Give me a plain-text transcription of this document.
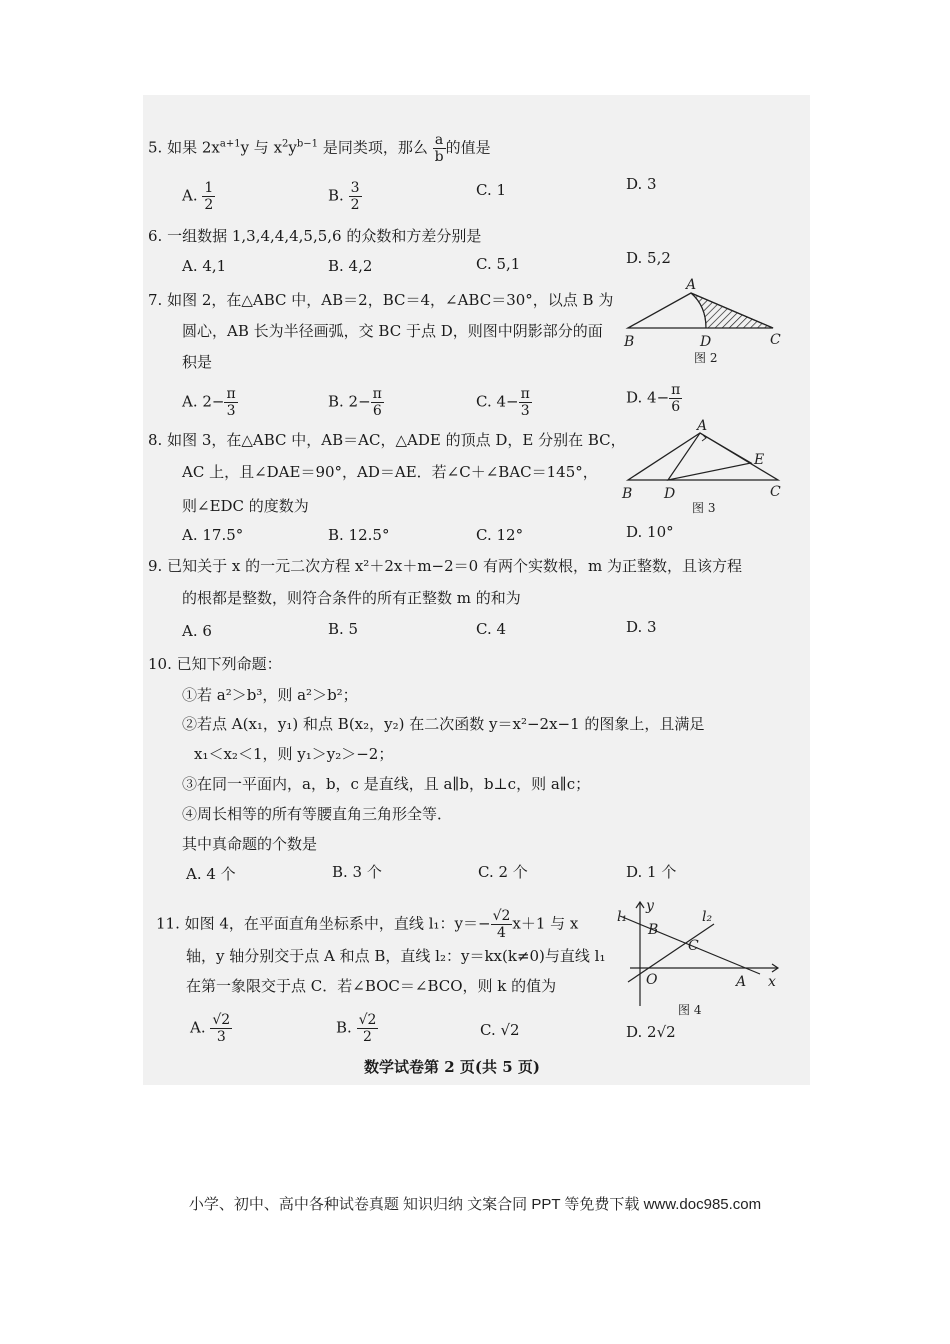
5. 如果 $2x^{a+1}y$ 与 $x^2y^{b-1}$ 是同类项，那么 $\frac{a}{b}$ 的值是
A. $\frac{1}{2}$	B. $\frac{3}{2}$	C. 1	D. 3
6. 一组数据 1,3,4,4,4,5,5,6 的众数和方差分别是
A. 4,1	B. 4,2	C. 5,1	D. 5,2
7. 如图 2，在△ABC 中，AB＝2，BC＝4，∠ABC＝30°，以点 B 为
圆心，AB 长为半径画弧，交 BC 于点 D，则图中阴影部分的面
积是
A. $2- \frac{\pi}{3}$	B. $2- \frac{\pi}{6}$	C. $4- \frac{\pi}{3}$	D. $4- \frac{\pi}{6}$
A
B	D	C
图 2
8. 如图 3，在△ABC 中，AB＝AC，△ADE 的顶点 D，E 分别在 BC，
AC 上，且∠DAE＝90°，AD＝AE．若∠C＋∠BAC＝145°，
则∠EDC 的度数为
A. 17.5°	B. 12.5°	C. 12°	D. 10°
A
B D
E
C
图 3
9. 已知关于 x 的一元二次方程 x²＋2x＋m−2＝0 有两个实数根，m 为正整数，且该方程
的根都是整数，则符合条件的所有正整数 m 的和为
A. 6	B. 5	C. 4	D. 3
10. 已知下列命题：
①若 a²＞b³，则 a²＞b²；
②若点 A(x₁，y₁) 和点 B(x₂，y₂) 在二次函数 y＝x²−2x−1 的图象上，且满足
x₁＜x₂＜1，则 y₁＞y₂＞−2；
③在同一平面内，a，b，c 是直线，且 a∥b，b⊥c，则 a∥c；
④周长相等的所有等腰直角三角形全等．
其中真命题的个数是
A. 4 个	B. 3 个	C. 2 个	D. 1 个
11. 如图 4，在平面直角坐标系中，直线 l₁：$y=- \frac{√2}{4} x+1$ 与 x
轴，y 轴分别交于点 A 和点 B，直线 l₂：y＝kx(k≠0)与直线 l₁
在第一象限交于点 C．若∠BOC＝∠BCO，则 k 的值为
A. $\frac{√2}{3}$	B. $\frac{√2}{2}$	C. √2	D. 2√2
l₁	l₂
y
B
C
O	A x
图 4
数学试卷第 2 页(共 5 页)
小学、初中、高中各种试卷真题 知识归纳 文案合同 PPT 等免费下载 www.doc985.com
